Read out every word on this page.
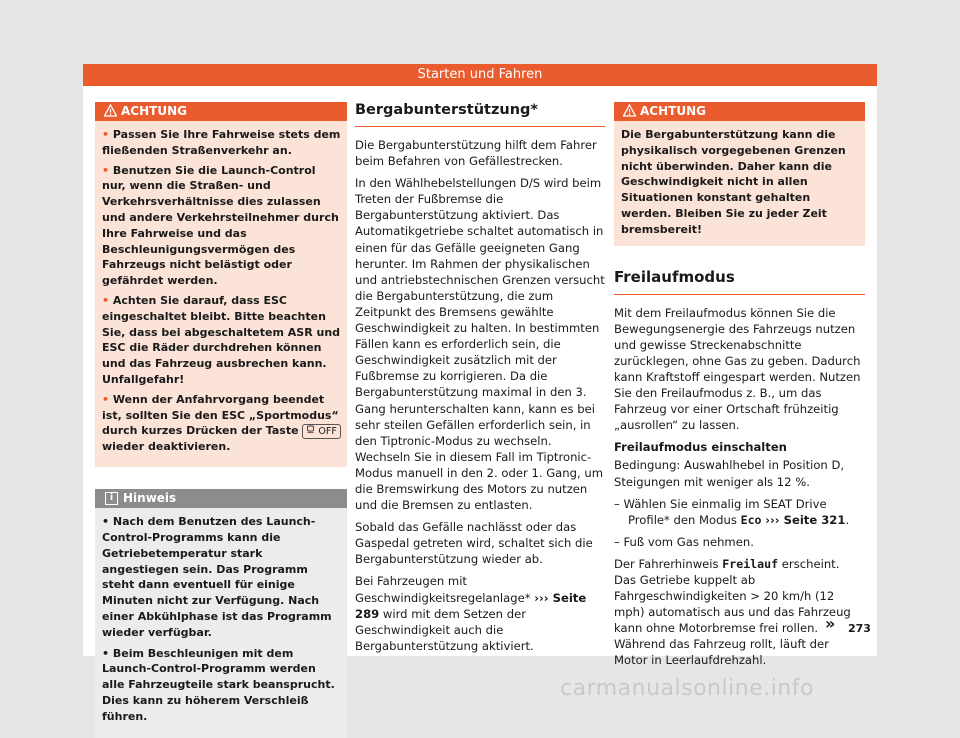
Starten und Fahren
ACHTUNG

• Passen Sie Ihre Fahrweise stets dem fließenden Straßenverkehr an.

• Benutzen Sie die Launch-Control nur, wenn die Straßen- und Verkehrsverhältnisse dies zulassen und andere Verkehrsteilnehmer durch Ihre Fahrweise und das Beschleunigungsvermögen des Fahrzeugs nicht belästigt oder gefährdet werden.

• Achten Sie darauf, dass ESC eingeschaltet bleibt. Bitte beachten Sie, dass bei abgeschaltetem ASR und ESC die Räder durchdrehen können und das Fahrzeug ausbrechen kann. Unfallgefahr!

• Wenn der Anfahrvorgang beendet ist, sollten Sie den ESC „Sportmodus“ durch kurzes Drücken der Taste OFF wieder deaktivieren.

i Hinweis

• Nach dem Benutzen des Launch-Control-Programms kann die Getriebetemperatur stark angestiegen sein. Das Programm steht dann eventuell für einige Minuten nicht zur Verfügung. Nach einer Abkühlphase ist das Programm wieder verfügbar.

• Beim Beschleunigen mit dem Launch-Control-Programm werden alle Fahrzeugteile stark beansprucht. Dies kann zu höherem Verschleiß führen.

Bergabunterstützung*

Die Bergabunterstützung hilft dem Fahrer beim Befahren von Gefällestrecken.

In den Wählhebelstellungen D/S wird beim Treten der Fußbremse die Bergabunterstützung aktiviert. Das Automatikgetriebe schaltet automatisch in einen für das Gefälle geeigneten Gang herunter. Im Rahmen der physikalischen und antriebstechnischen Grenzen versucht die Bergabunterstützung, die zum Zeitpunkt des Bremsens gewählte Geschwindigkeit zu halten. In bestimmten Fällen kann es erforderlich sein, die Geschwindigkeit zusätzlich mit der Fußbremse zu korrigieren. Da die Bergabunterstützung maximal in den 3. Gang herunterschalten kann, kann es bei sehr steilen Gefällen erforderlich sein, in den Tiptronic-Modus zu wechseln. Wechseln Sie in diesem Fall im Tiptronic-Modus manuell in den 2. oder 1. Gang, um die Bremswirkung des Motors zu nutzen und die Bremsen zu entlasten.

Sobald das Gefälle nachlässt oder das Gaspedal getreten wird, schaltet sich die Bergabunterstützung wieder ab.

Bei Fahrzeugen mit Geschwindigkeitsregelanlage* ››› Seite 289 wird mit dem Setzen der Geschwindigkeit auch die Bergabunterstützung aktiviert.

ACHTUNG

Die Bergabunterstützung kann die physikalisch vorgegebenen Grenzen nicht überwinden. Daher kann die Geschwindigkeit nicht in allen Situationen konstant gehalten werden. Bleiben Sie zu jeder Zeit bremsbereit!

Freilaufmodus

Mit dem Freilaufmodus können Sie die Bewegungsenergie des Fahrzeugs nutzen und gewisse Streckenabschnitte zurücklegen, ohne Gas zu geben. Dadurch kann Kraftstoff eingespart werden. Nutzen Sie den Freilaufmodus z. B., um das Fahrzeug vor einer Ortschaft frühzeitig „ausrollen“ zu lassen.

Freilaufmodus einschalten

Bedingung: Auswahlhebel in Position D, Steigungen mit weniger als 12 %.

– Wählen Sie einmalig im SEAT Drive Profile* den Modus Eco ››› Seite 321.

– Fuß vom Gas nehmen.

Der Fahrerhinweis Freilauf erscheint. Das Getriebe kuppelt ab Fahrgeschwindigkeiten > 20 km/h (12 mph) automatisch aus und das Fahrzeug kann ohne Motorbremse frei rollen. Während das Fahrzeug rollt, läuft der Motor in Leerlaufdrehzahl.

» 273
carmanualsonline.info
